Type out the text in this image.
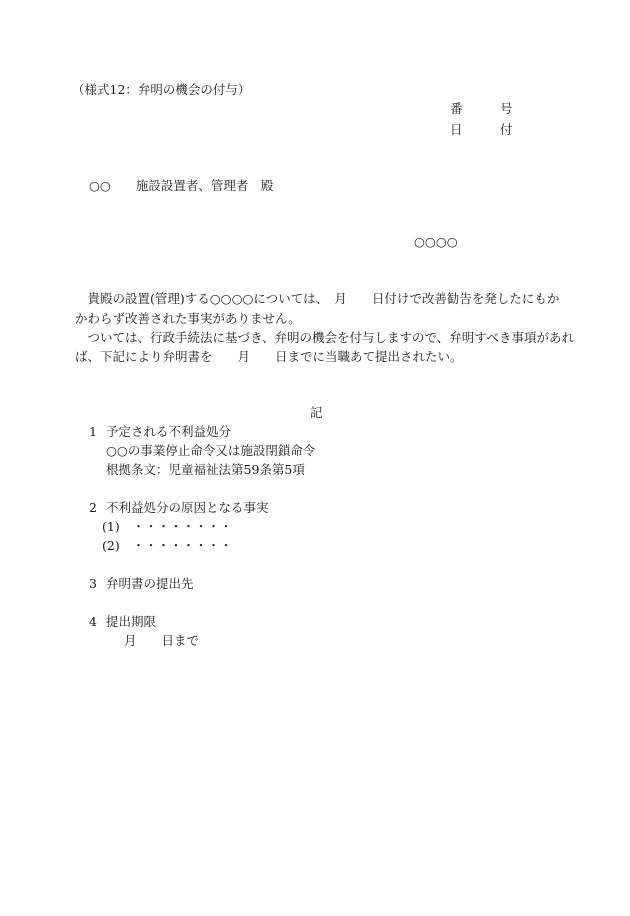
（様式12：弁明の機会の付与）
番　　　号
日　　　付
○○　　施設設置者、管理者　殿
○○○○
　貴殿の設置(管理)する○○○○については、　月　　日付けで改善勧告を発したにもか
かわらず改善された事実がありません。
　ついては、行政手続法に基づき、弁明の機会を付与しますので、弁明すべき事項があれ
ば、下記により弁明書を　　月　　日までに当職あて提出されたい。
記
1 予定される不利益処分
○○の事業停止命令又は施設閉鎖命令
根拠条文：児童福祉法第59条第5項
2 不利益処分の原因となる事実
(1)　・・・・・・・・
(2)　・・・・・・・・
3 弁明書の提出先
4 提出期限
月　　日まで
